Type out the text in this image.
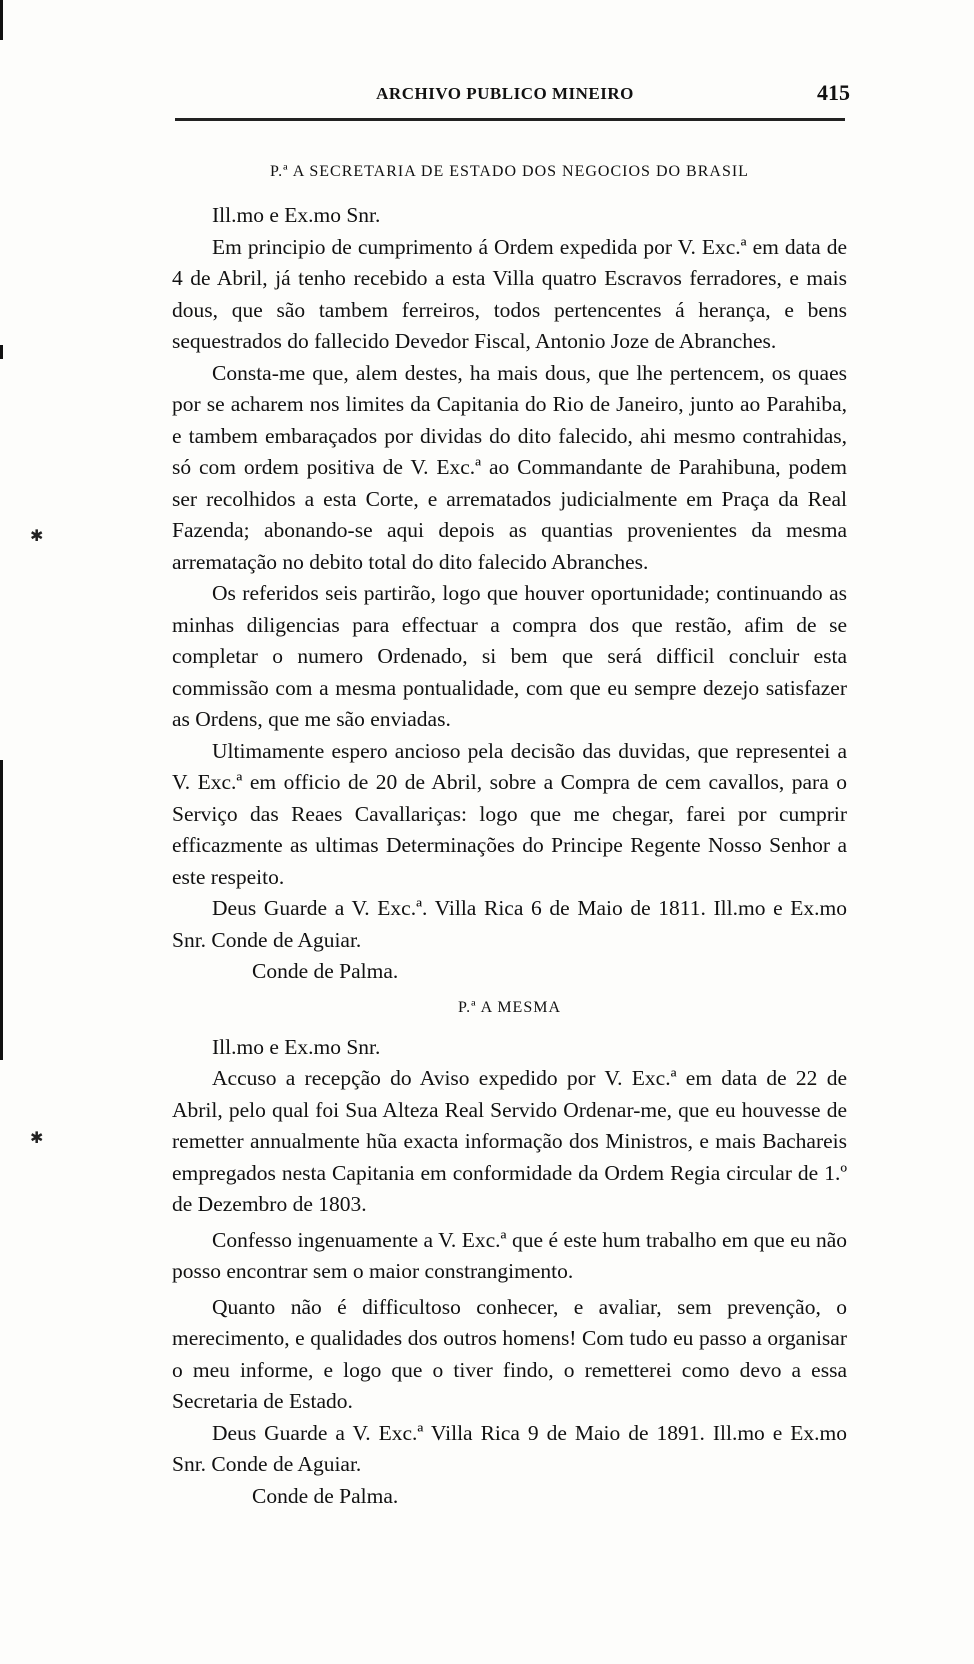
✱
✱
ARCHIVO PUBLICO MINEIRO	415
P.ª A SECRETARIA DE ESTADO DOS NEGOCIOS DO BRASIL

Ill.mo e Ex.mo Snr.

Em principio de cumprimento á Ordem expedida por V. Exc.ª em data de 4 de Abril, já tenho recebido a esta Villa quatro Escravos ferradores, e mais dous, que são tambem ferreiros, todos pertencentes á herança, e bens sequestrados do fallecido Devedor Fiscal, Antonio Joze de Abranches.

Consta-me que, alem destes, ha mais dous, que lhe pertencem, os quaes por se acharem nos limites da Capitania do Rio de Janeiro, junto ao Parahiba, e tambem embaraçados por dividas do dito falecido, ahi mesmo contrahidas, só com ordem positiva de V. Exc.ª ao Commandante de Parahibuna, podem ser recolhidos a esta Corte, e arrematados judicialmente em Praça da Real Fazenda; abonando-se aqui depois as quantias provenientes da mesma arrematação no debito total do dito falecido Abranches.

Os referidos seis partirão, logo que houver oportunidade; continuando as minhas diligencias para effectuar a compra dos que restão, afim de se completar o numero Ordenado, si bem que será difficil concluir esta commissão com a mesma pontualidade, com que eu sempre dezejo satisfazer as Ordens, que me são enviadas.

Ultimamente espero ancioso pela decisão das duvidas, que representei a V. Exc.ª em officio de 20 de Abril, sobre a Compra de cem cavallos, para o Serviço das Reaes Cavallariças: logo que me chegar, farei por cumprir efficazmente as ultimas Determinações do Principe Regente Nosso Senhor a este respeito.

Deus Guarde a V. Exc.ª. Villa Rica 6 de Maio de 1811. Ill.mo e Ex.mo Snr. Conde de Aguiar.

Conde de Palma.

P.ª A MESMA

Ill.mo e Ex.mo Snr.

Accuso a recepção do Aviso expedido por V. Exc.ª em data de 22 de Abril, pelo qual foi Sua Alteza Real Servido Ordenar-me, que eu houvesse de remetter annualmente hũa exacta informação dos Ministros, e mais Bachareis empregados nesta Capitania em conformidade da Ordem Regia circular de 1.º de Dezembro de 1803.

Confesso ingenuamente a V. Exc.ª que é este hum trabalho em que eu não posso encontrar sem o maior constrangimento.

Quanto não é difficultoso conhecer, e avaliar, sem prevenção, o merecimento, e qualidades dos outros homens! Com tudo eu passo a organisar o meu informe, e logo que o tiver findo, o remetterei como devo a essa Secretaria de Estado.

Deus Guarde a V. Exc.ª Villa Rica 9 de Maio de 1891. Ill.mo e Ex.mo Snr. Conde de Aguiar.

Conde de Palma.
